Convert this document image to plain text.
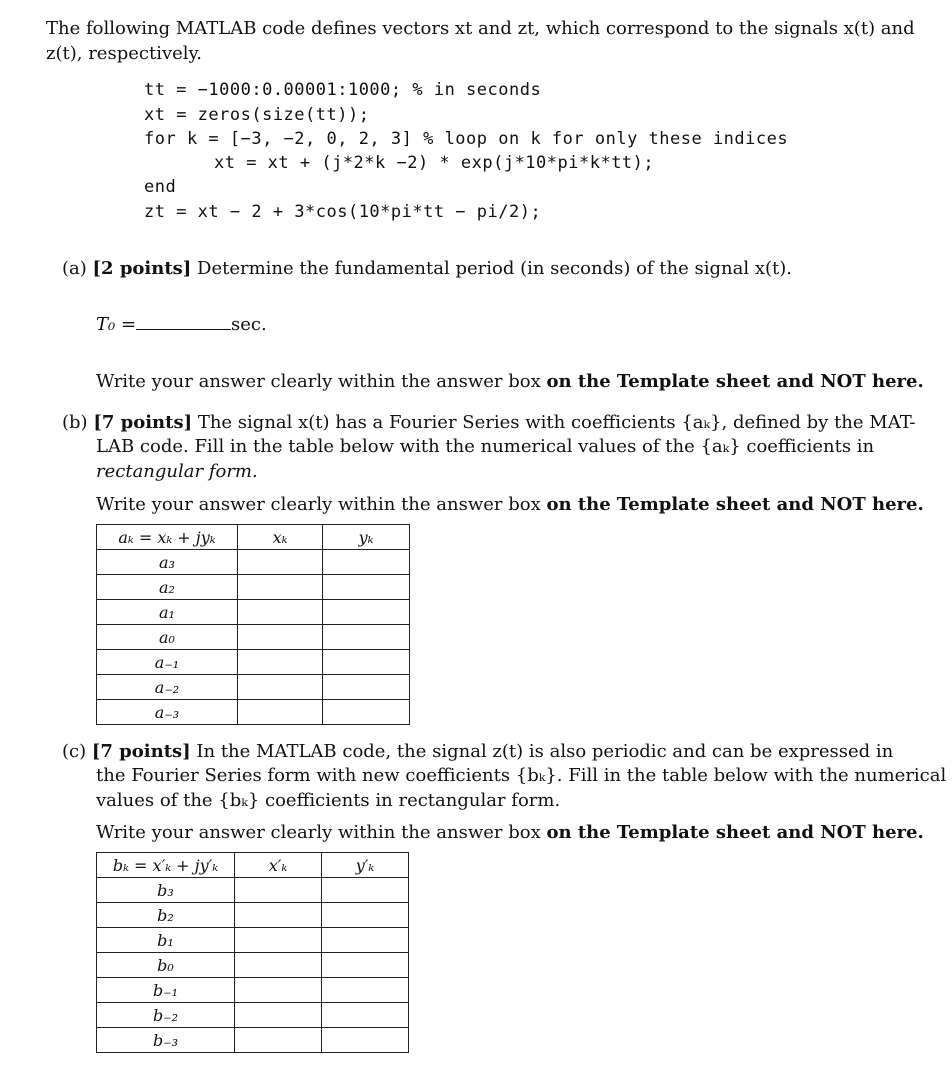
The following MATLAB code defines vectors xt and zt, which correspond to the signals x(t) and
z(t), respectively.
tt = −1000:0.00001:1000; % in seconds
xt = zeros(size(tt));
for k = [−3, −2, 0, 2, 3] % loop on k for only these indices
xt = xt + (j*2*k −2) * exp(j*10*pi*k*tt);
end
zt = xt − 2 + 3*cos(10*pi*tt − pi/2);
(a) [2 points] Determine the fundamental period (in seconds) of the signal x(t).
T₀ =	sec.
Write your answer clearly within the answer box on the Template sheet and NOT here.
(b) [7 points] The signal x(t) has a Fourier Series with coefficients {aₖ}, defined by the MAT-
LAB code. Fill in the table below with the numerical values of the {aₖ} coefficients in
rectangular form.
Write your answer clearly within the answer box on the Template sheet and NOT here.
aₖ = xₖ + jyₖ	xₖ	yₖ
a₃		
a₂		
a₁		
a₀		
a₋₁		
a₋₂		
a₋₃		
(c) [7 points] In the MATLAB code, the signal z(t) is also periodic and can be expressed in
the Fourier Series form with new coefficients {bₖ}. Fill in the table below with the numerical
values of the {bₖ} coefficients in rectangular form.
Write your answer clearly within the answer box on the Template sheet and NOT here.
bₖ = x′ₖ + jy′ₖ	x′ₖ	y′ₖ
b₃		
b₂		
b₁		
b₀		
b₋₁		
b₋₂		
b₋₃		
